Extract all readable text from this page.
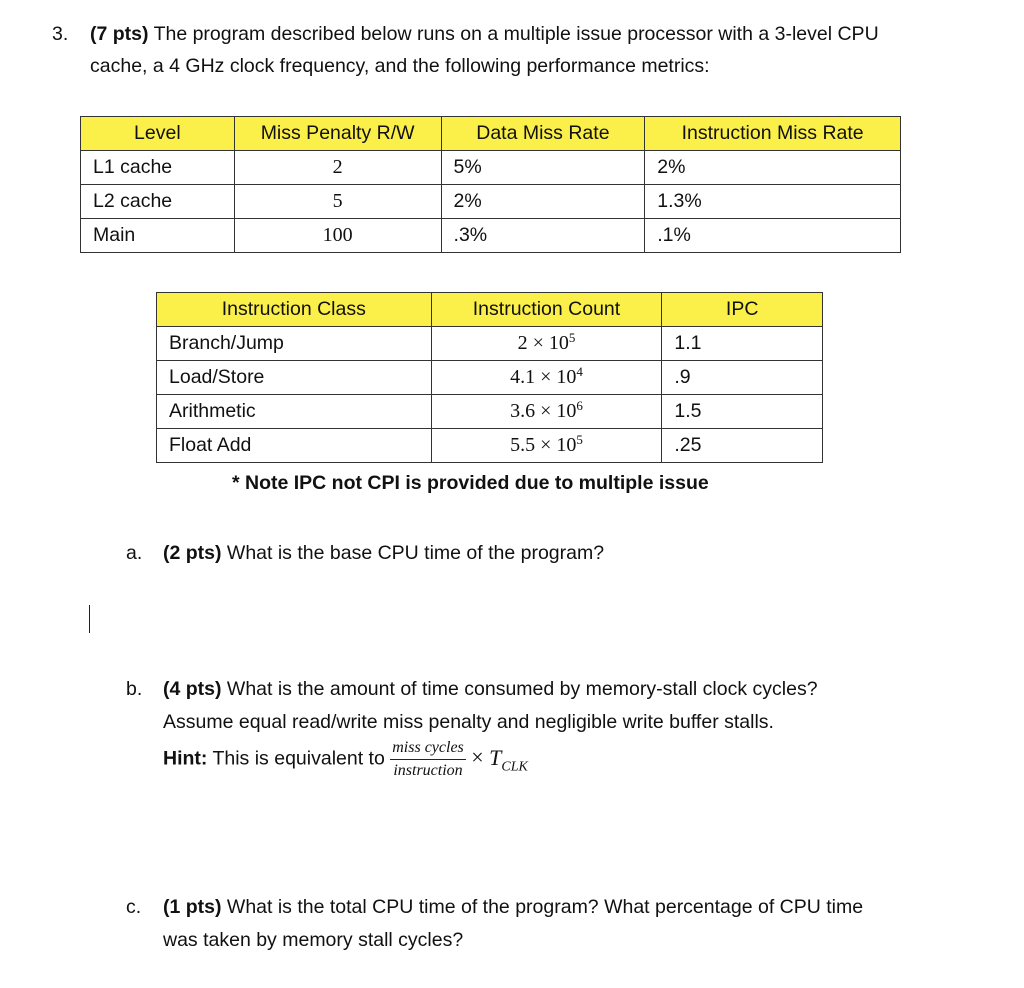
3. (7 pts) The program described below runs on a multiple issue processor with a 3-level CPU
cache, a 4 GHz clock frequency, and the following performance metrics:
Level	Miss Penalty R/W	Data Miss Rate	Instruction Miss Rate
L1 cache	2	5%	2%
L2 cache	5	2%	1.3%
Main	100	.3%	.1%
Instruction Class	Instruction Count	IPC
Branch/Jump	$2 \times 10^5$	1.1
Load/Store	$4.1 \times 10^4$	.9
Arithmetic	$3.6 \times 10^6$	1.5
Float Add	$5.5 \times 10^5$	.25
* Note IPC not CPI is provided due to multiple issue
a. (2 pts) What is the base CPU time of the program?
b. (4 pts) What is the amount of time consumed by memory-stall clock cycles?
Assume equal read/write miss penalty and negligible write buffer stalls.
Hint: This is equivalent to $\frac{\text{miss cycles}}{\text{instruction}} \times T_{CLK}$
c. (1 pts) What is the total CPU time of the program? What percentage of CPU time
was taken by memory stall cycles?
